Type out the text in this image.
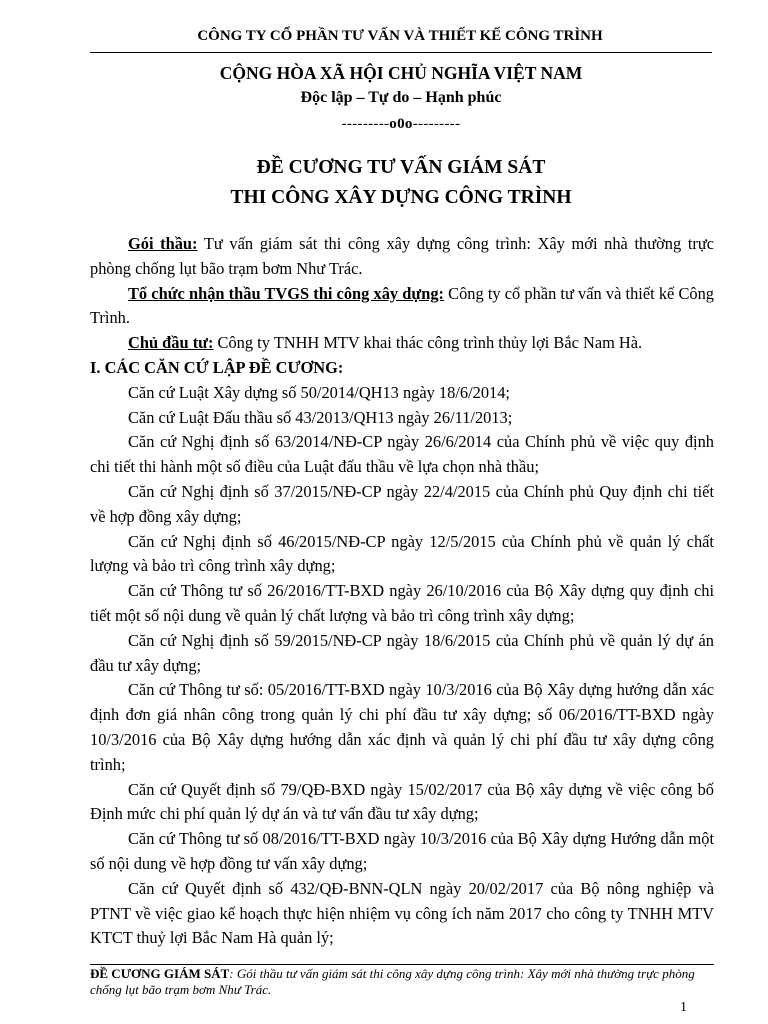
CÔNG TY CỔ PHẦN TƯ VẤN VÀ THIẾT KẾ CÔNG TRÌNH
CỘNG HÒA XÃ HỘI CHỦ NGHĨA VIỆT NAM
Độc lập – Tự do – Hạnh phúc
---------o0o---------
ĐỀ CƯƠNG TƯ VẤN GIÁM SÁT
THI CÔNG XÂY DỰNG CÔNG TRÌNH

Gói thầu: Tư vấn giám sát thi công xây dựng công trình: Xây mới nhà thường trực phòng chống lụt bão trạm bơm Như Trác.

Tổ chức nhận thầu TVGS thi công xây dựng: Công ty cổ phần tư vấn và thiết kế Công Trình.

Chủ đầu tư: Công ty TNHH MTV khai thác công trình thủy lợi Bắc Nam Hà.

I. CÁC CĂN CỨ LẬP ĐỀ CƯƠNG:

Căn cứ Luật Xây dựng số 50/2014/QH13 ngày 18/6/2014;

Căn cứ Luật Đấu thầu số 43/2013/QH13 ngày 26/11/2013;

Căn cứ Nghị định số 63/2014/NĐ-CP ngày 26/6/2014 của Chính phủ về việc quy định chi tiết thi hành một số điều của Luật đấu thầu về lựa chọn nhà thầu;

Căn cứ Nghị định số 37/2015/NĐ-CP ngày 22/4/2015 của Chính phủ Quy định chi tiết về hợp đồng xây dựng;

Căn cứ Nghị định số 46/2015/NĐ-CP ngày 12/5/2015 của Chính phủ về quản lý chất lượng và bảo trì công trình xây dựng;

Căn cứ Thông tư số 26/2016/TT-BXD ngày 26/10/2016 của Bộ Xây dựng quy định chi tiết một số nội dung về quản lý chất lượng và bảo trì công trình xây dựng;

Căn cứ Nghị định số 59/2015/NĐ-CP ngày 18/6/2015 của Chính phủ về quản lý dự án đầu tư xây dựng;

Căn cứ Thông tư số: 05/2016/TT-BXD ngày 10/3/2016 của Bộ Xây dựng hướng dẫn xác định đơn giá nhân công trong quản lý chi phí đầu tư xây dựng; số 06/2016/TT-BXD ngày 10/3/2016 của Bộ Xây dựng hướng dẫn xác định và quản lý chi phí đầu tư xây dựng công trình;

Căn cứ Quyết định số 79/QĐ-BXD ngày 15/02/2017 của Bộ xây dựng về việc công bố Định mức chi phí quản lý dự án và tư vấn đầu tư xây dựng;

Căn cứ Thông tư số 08/2016/TT-BXD ngày 10/3/2016 của Bộ Xây dựng Hướng dẫn một số nội dung về hợp đồng tư vấn xây dựng;

Căn cứ Quyết định số 432/QĐ-BNN-QLN ngày 20/02/2017 của Bộ nông nghiệp và PTNT về việc giao kế hoạch thực hiện nhiệm vụ công ích năm 2017 cho công ty TNHH MTV KTCT thuỷ lợi Bắc Nam Hà quản lý;

ĐỀ CƯƠNG GIÁM SÁT: Gói thầu tư vấn giám sát thi công xây dựng công trình: Xây mới nhà thường trực phòng chống lụt bão trạm bơm Như Trác.
1
